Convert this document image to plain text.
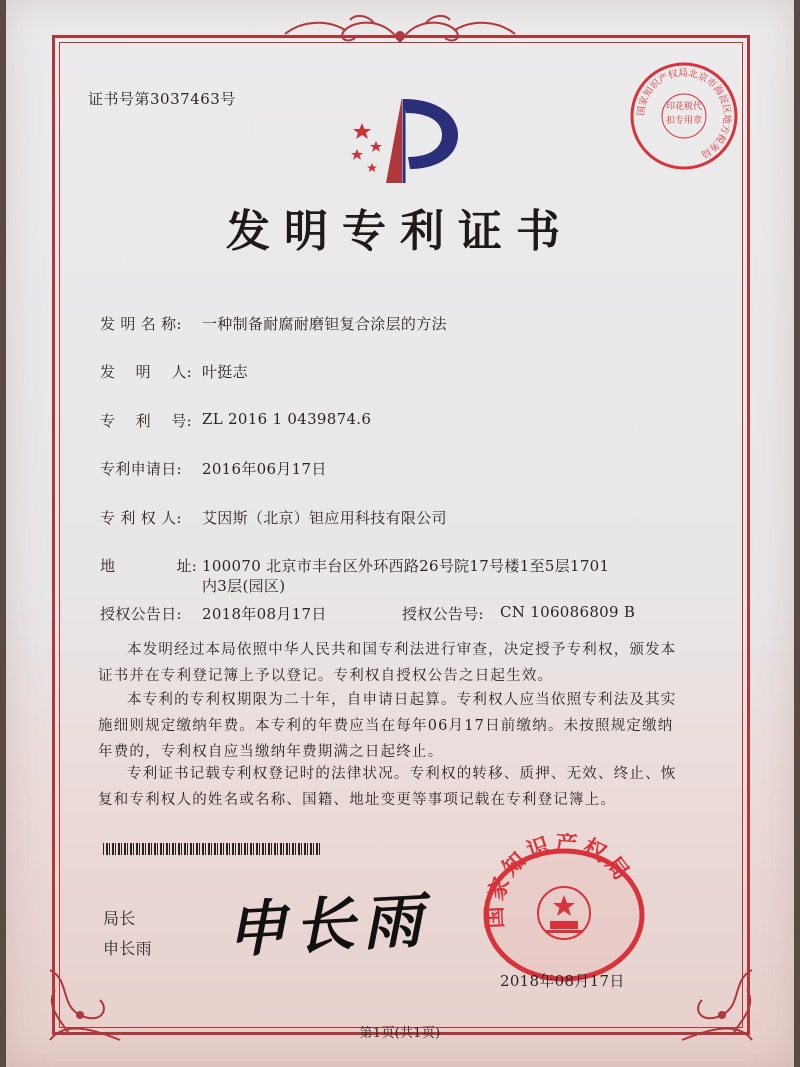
证书号第3037463号
国家知识产权局北京市海淀区地方税务局
印花税代扣专用章
发明专利证书
发 明 名 称: 一种制备耐腐耐磨钽复合涂层的方法
发　 明　 人: 叶挺志
专　 利　 号: ZL 2016 1 0439874.6
专利申请日: 2016年06月17日
专 利 权 人: 艾因斯（北京）钽应用科技有限公司
地　　　　址: 100070 北京市丰台区外环西路26号院17号楼1至5层1701
内3层(园区)
授权公告日: 2018年08月17日	授权公告号: CN 106086809 B
本发明经过本局依照中华人民共和国专利法进行审查，决定授予专利权，颁发本证书并在专利登记簿上予以登记。专利权自授权公告之日起生效。
本专利的专利权期限为二十年，自申请日起算。专利权人应当依照专利法及其实施细则规定缴纳年费。本专利的年费应当在每年06月17日前缴纳。未按照规定缴纳年费的，专利权自应当缴纳年费期满之日起终止。
专利证书记载专利权登记时的法律状况。专利权的转移、质押、无效、终止、恢复和专利权人的姓名或名称、国籍、地址变更等事项记载在专利登记簿上。
局长
申长雨 申长雨 国家知识产权局
2018年08月17日
第1页(共1页)
